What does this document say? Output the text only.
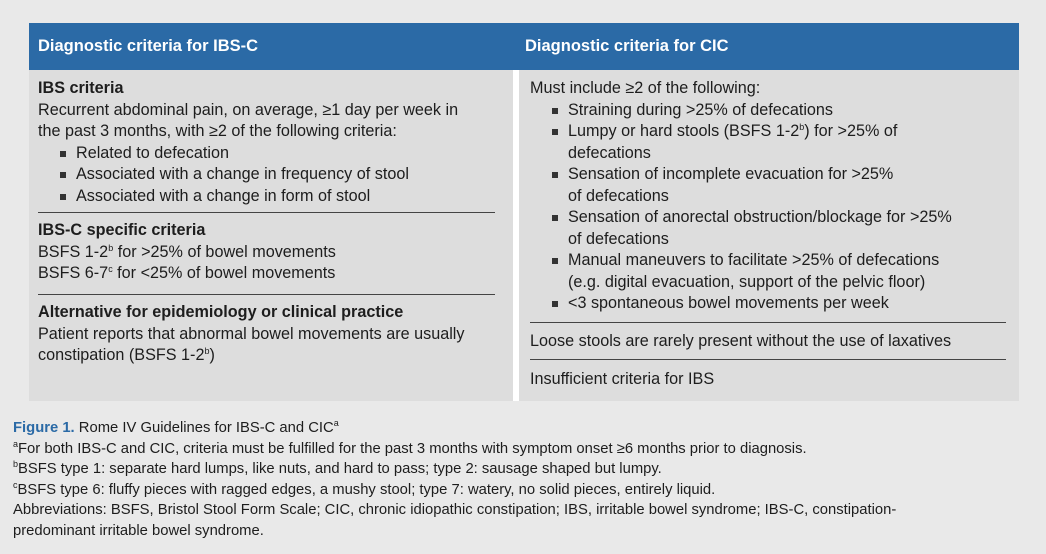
Diagnostic criteria for IBS-C	Diagnostic criteria for CIC
IBS criteria
Recurrent abdominal pain, on average, ≥1 day per week in
the past 3 months, with ≥2 of the following criteria:
Related to defecation
Associated with a change in frequency of stool
Associated with a change in form of stool
IBS-C specific criteria
BSFS 1-2$^b$ for >25% of bowel movements
BSFS 6-7$^c$ for <25% of bowel movements
Alternative for epidemiology or clinical practice
Patient reports that abnormal bowel movements are usually
constipation (BSFS 1-2$^b$)
Must include ≥2 of the following:
Straining during >25% of defecations
Lumpy or hard stools (BSFS 1-2$^b$) for >25% of
defecations
Sensation of incomplete evacuation for >25%
of defecations
Sensation of anorectal obstruction/blockage for >25%
of defecations
Manual maneuvers to facilitate >25% of defecations
(e.g. digital evacuation, support of the pelvic floor)
<3 spontaneous bowel movements per week
Loose stools are rarely present without the use of laxatives
Insufficient criteria for IBS

Figure 1. Rome IV Guidelines for IBS-C and CIC$^a$

$^a$For both IBS-C and CIC, criteria must be fulfilled for the past 3 months with symptom onset ≥6 months prior to diagnosis.

$^b$BSFS type 1: separate hard lumps, like nuts, and hard to pass; type 2: sausage shaped but lumpy.

$^c$BSFS type 6: fluffy pieces with ragged edges, a mushy stool; type 7: watery, no solid pieces, entirely liquid.

Abbreviations: BSFS, Bristol Stool Form Scale; CIC, chronic idiopathic constipation; IBS, irritable bowel syndrome; IBS-C, constipation-
predominant irritable bowel syndrome.
